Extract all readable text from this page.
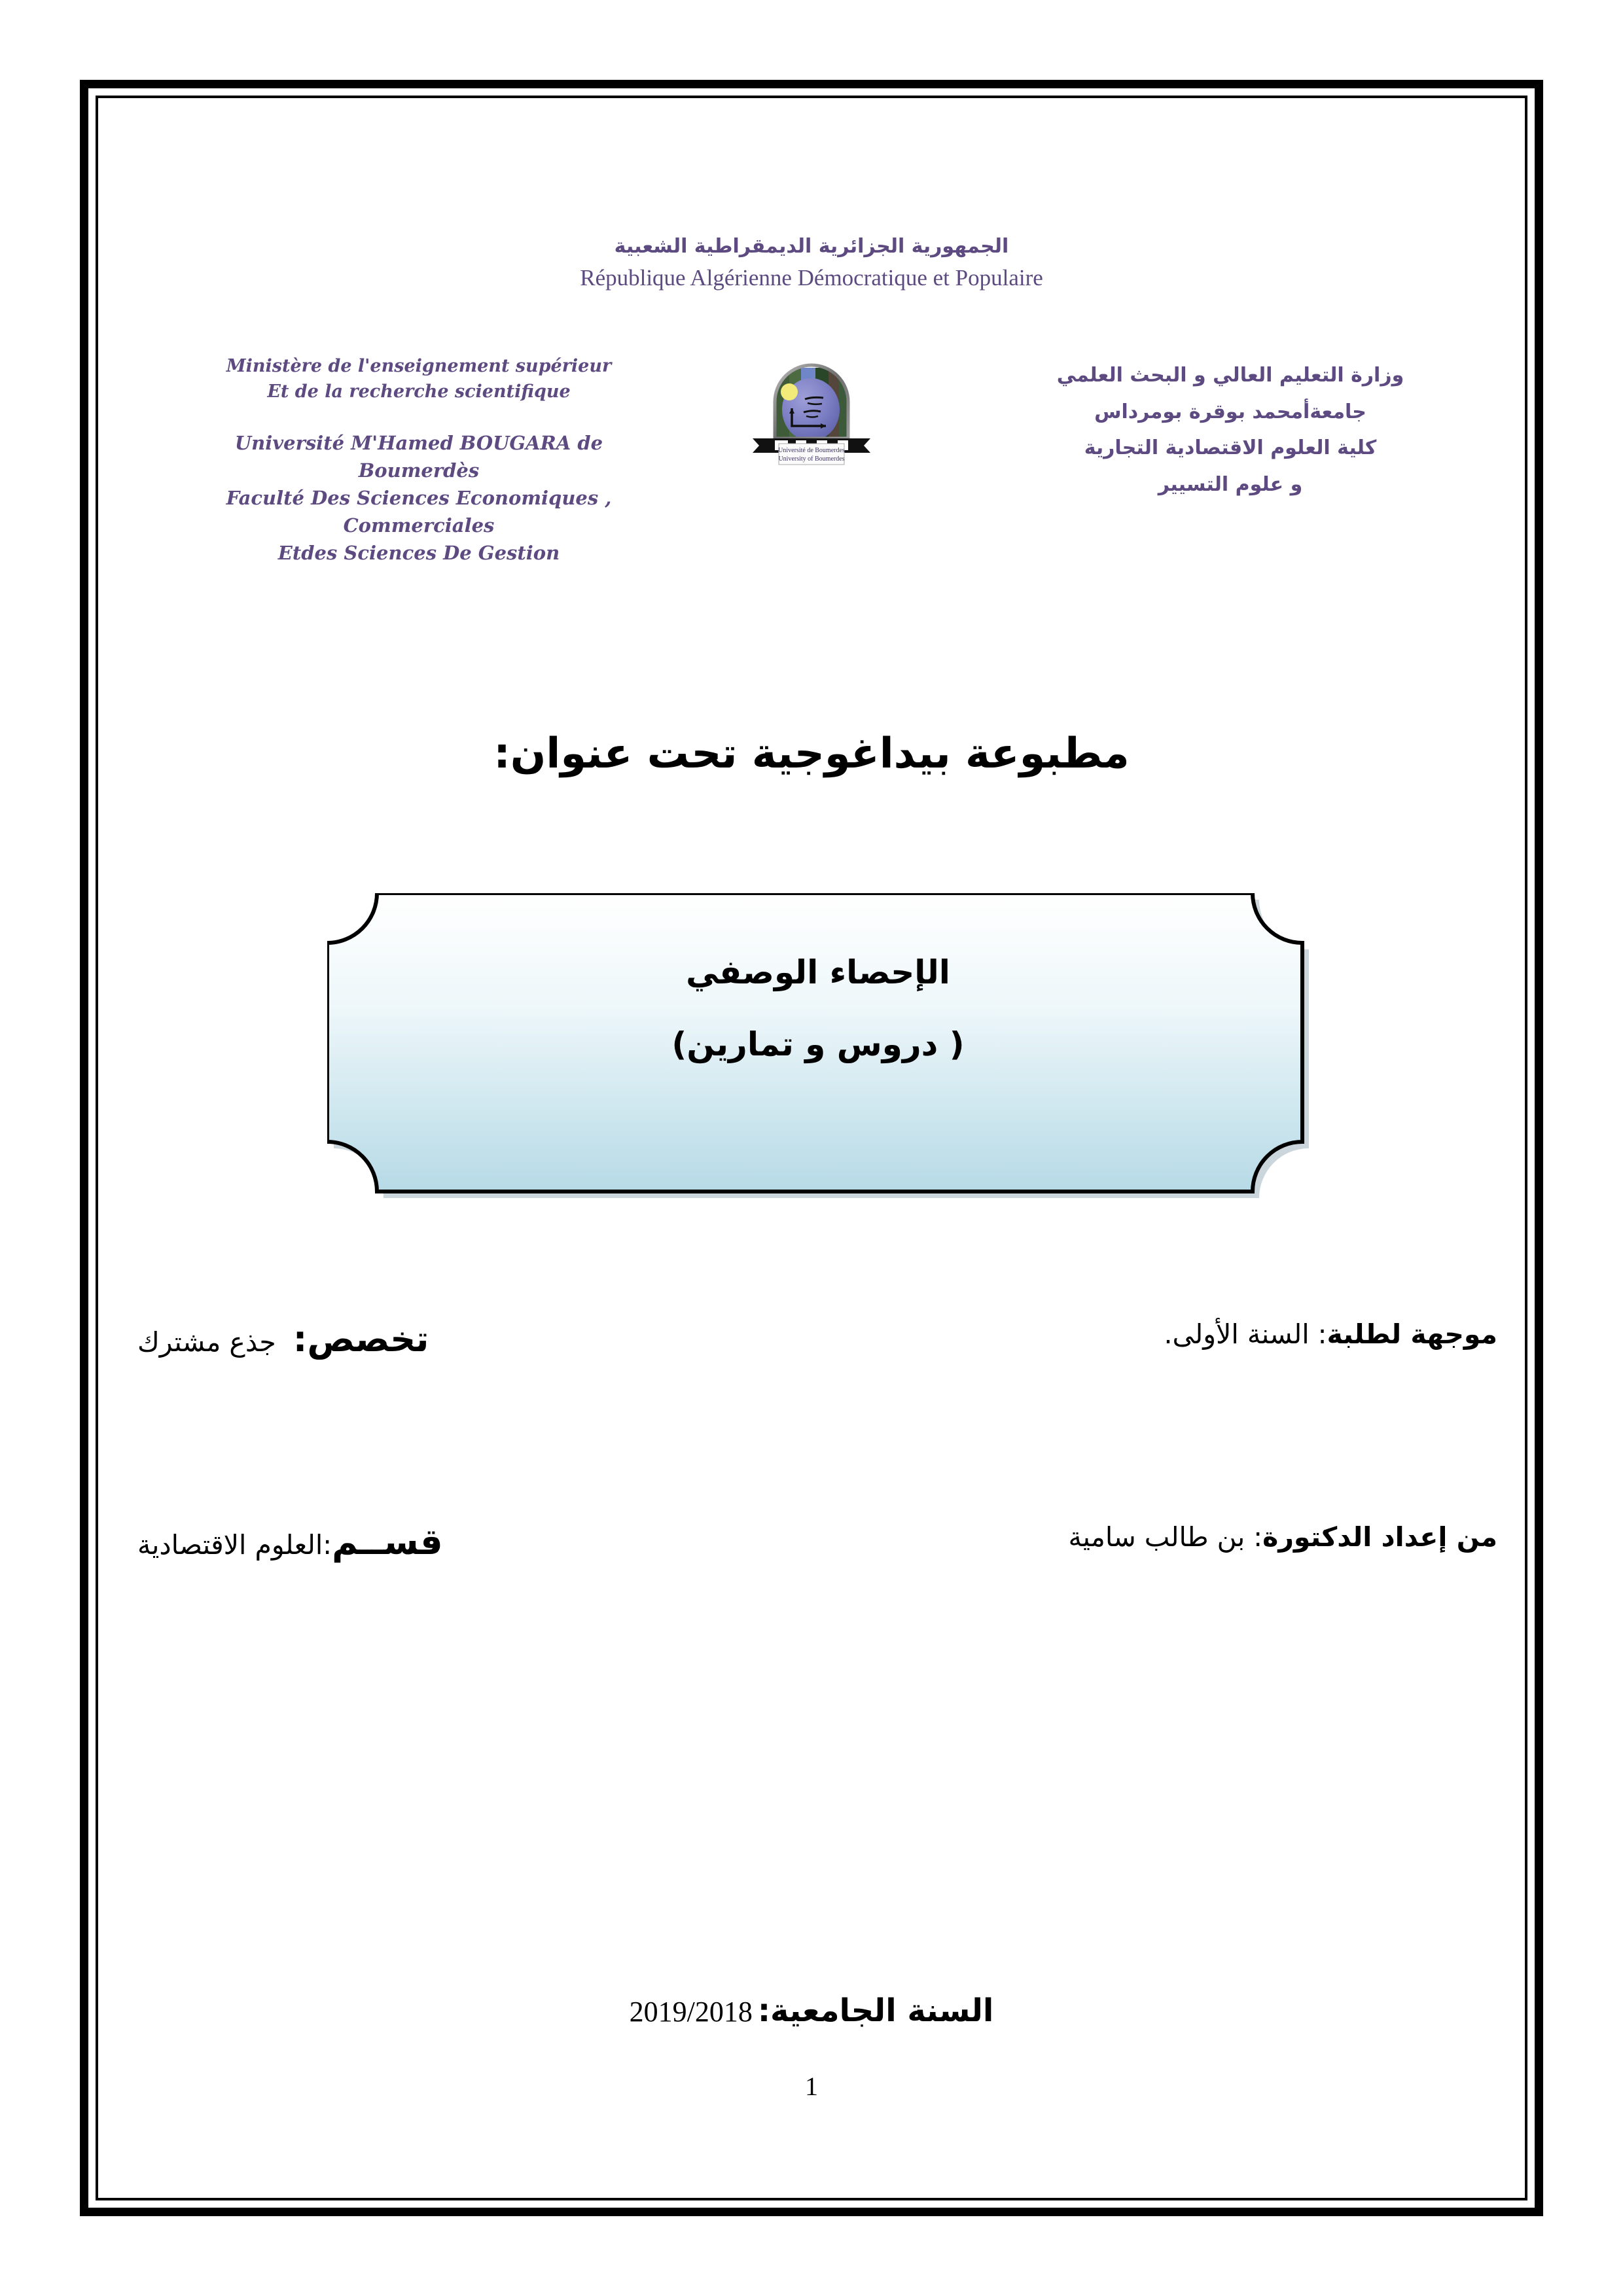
الجمهورية الجزائرية الديمقراطية الشعبية
République Algérienne Démocratique et Populaire
Ministère de l'enseignement supérieur
Et de la recherche scientifique
Université M'Hamed BOUGARA de Boumerdès
Faculté Des Sciences Economiques , Commerciales
Etdes Sciences De Gestion
Université de Boumerdes
University of Boumerdes
وزارة التعليم العالي و البحث العلمي
جامعةأمحمد بوقرة بومرداس
كلية العلوم الاقتصادية التجارية
و علوم التسيير
مطبوعة بيداغوجية تحت عنوان:
الإحصاء الوصفي
( دروس و تمارين)
موجهة لطلبة: السنة الأولى.
تخصص:  جذع مشترك
من إعداد الدكتورة: بن طالب سامية
قســم:العلوم الاقتصادية
السنة الجامعية:2019/2018
1
